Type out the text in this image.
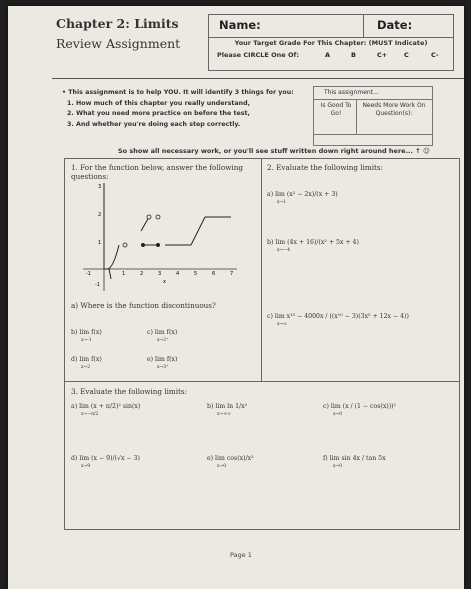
Chapter 2: Limits
Review Assignment
Name:	Date:
Your Target Grade For This Chapter: (MUST Indicate)
Please CIRCLE One Of:	A	B	C+	C	C-
• This assignment is to help YOU. It will identify 3 things for you:
1. How much of this chapter you really understand,
2. What you need more practice on before the test,
3. And whether you're doing each step correctly.
This assignment...
Is Good To Go!
Needs More Work On Question(s):
So show all necessary work, or you'll see stuff written down right around here... ↑ ☺
1. For the function below, answer the following questions:
-1	1	2	3	4	5	6	7
3
2
1
-1	x
a) Where is the function discontinuous?
b) lim f(x)
x→-1
c) lim f(x)
x→2⁺
d) lim f(x)
x→2
e) lim f(x)
x→3⁺
2. Evaluate the following limits:
a) lim (x² − 2x)/(x + 3)
x→1
b) lim (4x + 16)/(x² + 5x + 4)
x→−4
c) lim x¹⁵ − 4000x / ((x¹⁰ − 3)(3x⁵ + 12x − 4))
x→∞
3. Evaluate the following limits:
a) lim (x + π/2)² sin(x)
x→−π/2
b) lim ln 1/x²
x→+∞
c) lim (x / (1 − cos(x)))²
x→0
d) lim (x − 9)/(√x − 3)
x→9
e) lim cos(x)/x²
x→0
f) lim sin 4x / tan 5x
x→0
Page 1
